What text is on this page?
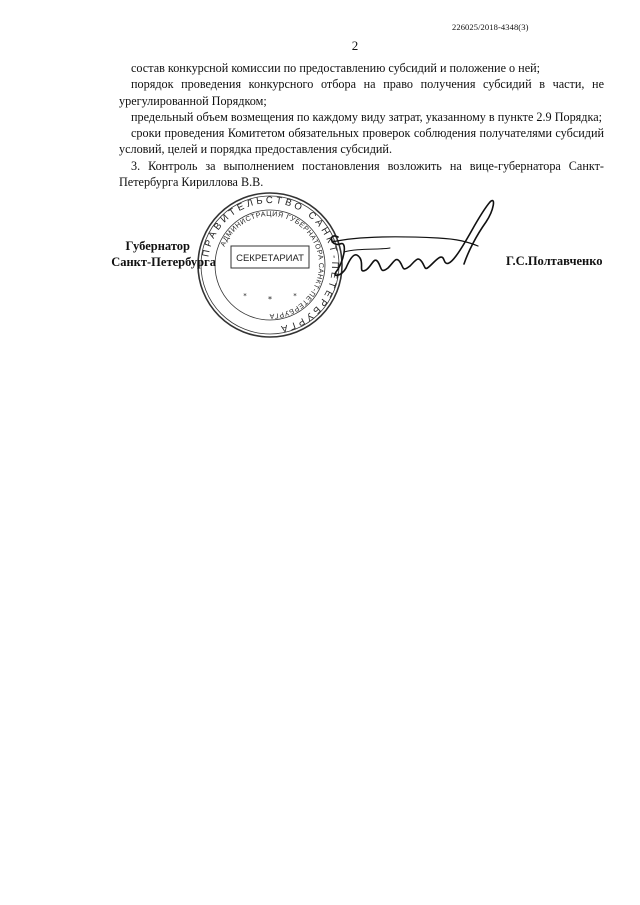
226025/2018-4348(3)
2

состав конкурсной комиссии по предоставлению субсидий и положение о ней;

порядок проведения конкурсного отбора на право получения субсидий в части, не урегулированной Порядком;

предельный объем возмещения по каждому виду затрат, указанному в пункте 2.9 Порядка;

сроки проведения Комитетом обязательных проверок соблюдения получателями субсидий условий, целей и порядка предоставления субсидий.

3. Контроль за выполнением постановления возложить на вице-губернатора Санкт-Петербурга Кириллова В.В.

ПРАВИТЕЛЬСТВО САНКТ-ПЕТЕРБУРГА
АДМИНИСТРАЦИЯ ГУБЕРНАТОРА САНКТ-ПЕТЕРБУРГА
СЕКРЕТАРИАТ
*
*	*
Губернатор
Санкт-Петербурга	Г.С.Полтавченко
